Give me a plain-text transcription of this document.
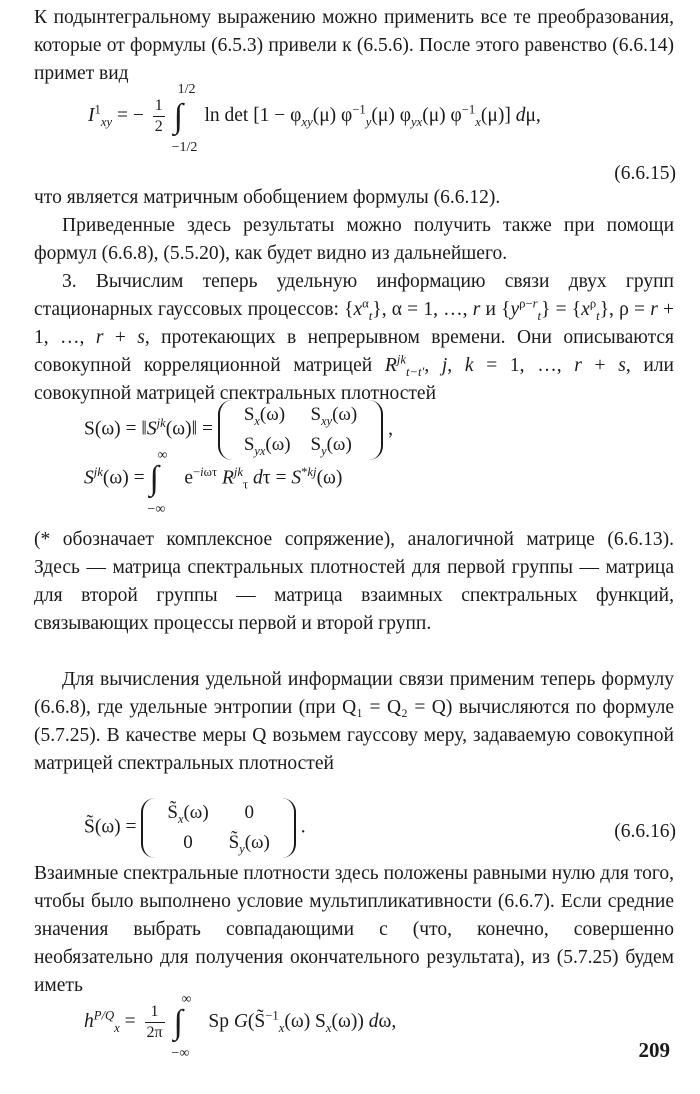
К подынтегральному выражению можно применить все те преобразования, которые от формулы (6.5.3) привели к (6.5.6). После этого равенство (6.6.14) примет вид

$I^1_{xy}$ = − $\frac{1}{2}$

1/2
∫
−1/2
$\ln \det [1 - \varphi_{xy}(\mu)$ $\varphi^{-1}_y(\mu)$ $\varphi_{yx}(\mu)$ $\varphi^{-1}_x(\mu)$] dμ,
(6.6.15)

что является матричным обобщением формулы (6.6.12).

Приведенные здесь результаты можно получить также при помощи формул (6.6.8), (5.5.20), как будет видно из дальнейшего.

3. Вычислим теперь удельную информацию связи двух групп стационарных гауссовых процессов: $\{x^\alpha_t\}$, α = 1, …, r и $\{y^{\rho-r}_t\} = \{x^\rho_t\}$, ρ = r + 1, …, r + s, протекающих в непрерывном времени. Они описываются совокупной корреляционной матрицей $R^{jk}_{t-t'}$, j, k = 1, …, r + s, или совокупной матрицей спектральных плотностей

$S(\omega) = ‖S^{jk}(\omega)‖$ =
$S_x(\omega)$	$S_{xy}(\omega)$
$S_{yx}(\omega)$	$S_y(\omega)$
,
$S^{jk}(\omega)$ =
∞
∫
−∞
$e^{-i\omega\tau}$ $R^{jk}_\tau$ $d\tau = S^{*kj}(\omega)$

(* обозначает комплексное сопряжение), аналогичной матрице (6.6.13). Здесь — матрица спектральных плотностей для первой группы — матрица для второй группы — матрица взаимных спектральных функций, связывающих процессы первой и второй групп.

Для вычисления удельной информации связи применим теперь формулу (6.6.8), где удельные энтропии (при Q₁ = Q₂ = Q) вычисляются по формуле (5.7.25). В качестве меры Q возьмем гауссову меру, задаваемую совокупной матрицей спектральных плотностей

S̃(ω) =
$S̃_x(\omega)$	0
0	$S̃_y(\omega)$
.	(6.6.16)

Взаимные спектральные плотности здесь положены равными нулю для того, чтобы было выполнено условие мультипликативности (6.6.7). Если средние значения выбрать совпадающими с (что, конечно, совершенно необязательно для получения окончательного результата), из (5.7.25) будем иметь

$h^{P/Q}_x = \frac{1}{2\pi}$

∞
∫
−∞
Sp G(S̃$^{-1}_x$(ω) $S_x(\omega)$) dω,
209
